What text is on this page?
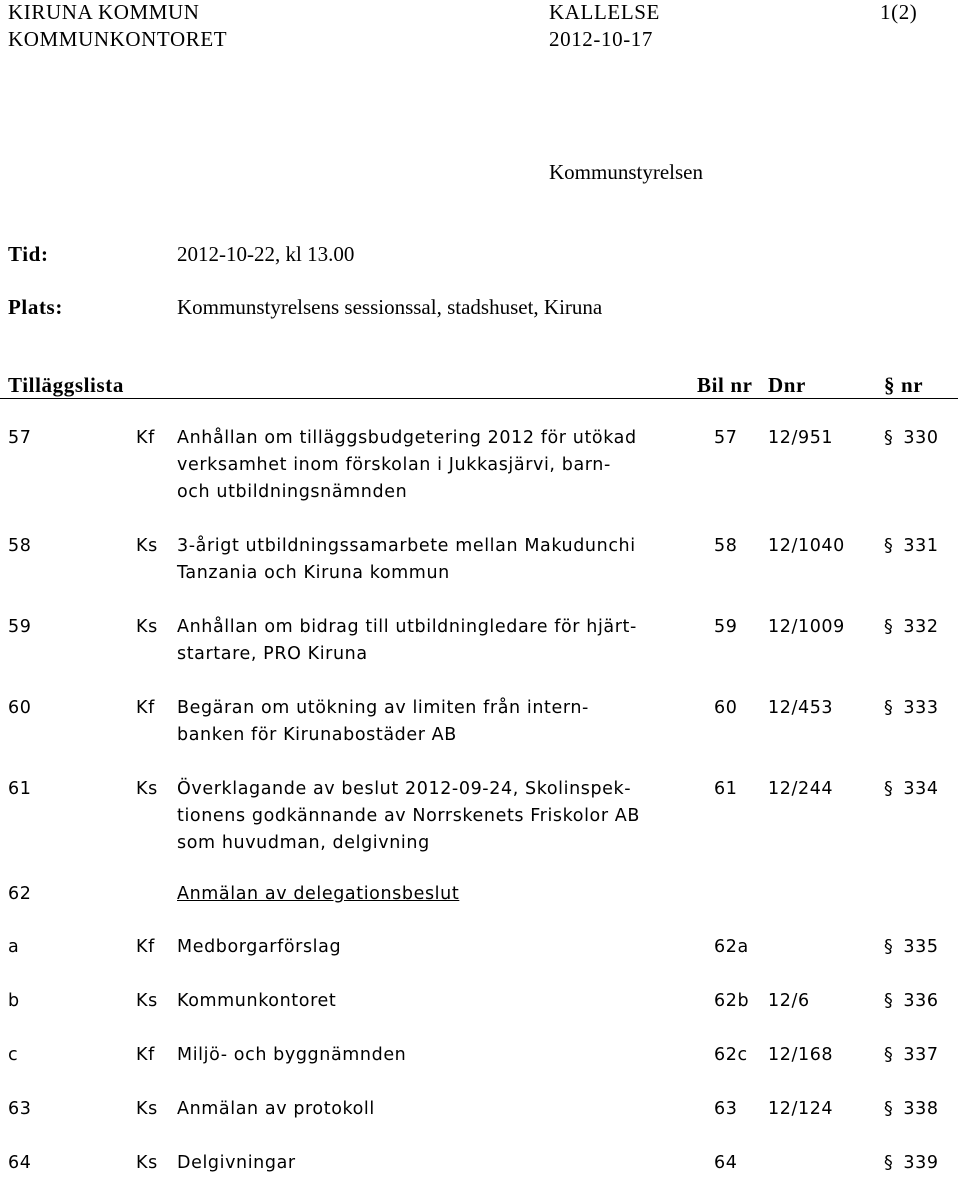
KIRUNA KOMMUN
KOMMUNKONTORET
KALLELSE
2012-10-17
1(2)
Kommunstyrelsen
Tid:	2012-10-22, kl 13.00
Plats:	Kommunstyrelsens sessionssal, stadshuset, Kiruna
Tilläggslista	Bil nr Dnr	§ nr
57	Kf Anhållan om tilläggsbudgetering 2012 för utökad
verksamhet inom förskolan i Jukkasjärvi, barn-
och utbildningsnämnden
57 12/951	§ 330
58	Ks 3-årigt utbildningssamarbete mellan Makudunchi
Tanzania och Kiruna kommun
58 12/1040 § 331
59	Ks Anhållan om bidrag till utbildningledare för hjärt-
startare, PRO Kiruna
59 12/1009 § 332
60	Kf Begäran om utökning av limiten från intern-
banken för Kirunabostäder AB
60 12/453	§ 333
61	Ks Överklagande av beslut 2012-09-24, Skolinspek-
tionens godkännande av Norrskenets Friskolor AB
som huvudman, delgivning
61 12/244	§ 334
62	Anmälan av delegationsbeslut
a	Kf Medborgarförslag	62a	§ 335
b	Ks Kommunkontoret	62b 12/6	§ 336
c	Kf Miljö- och byggnämnden	62c 12/168	§ 337
63	Ks Anmälan av protokoll	63 12/124	§ 338
64	Ks Delgivningar	64	§ 339
